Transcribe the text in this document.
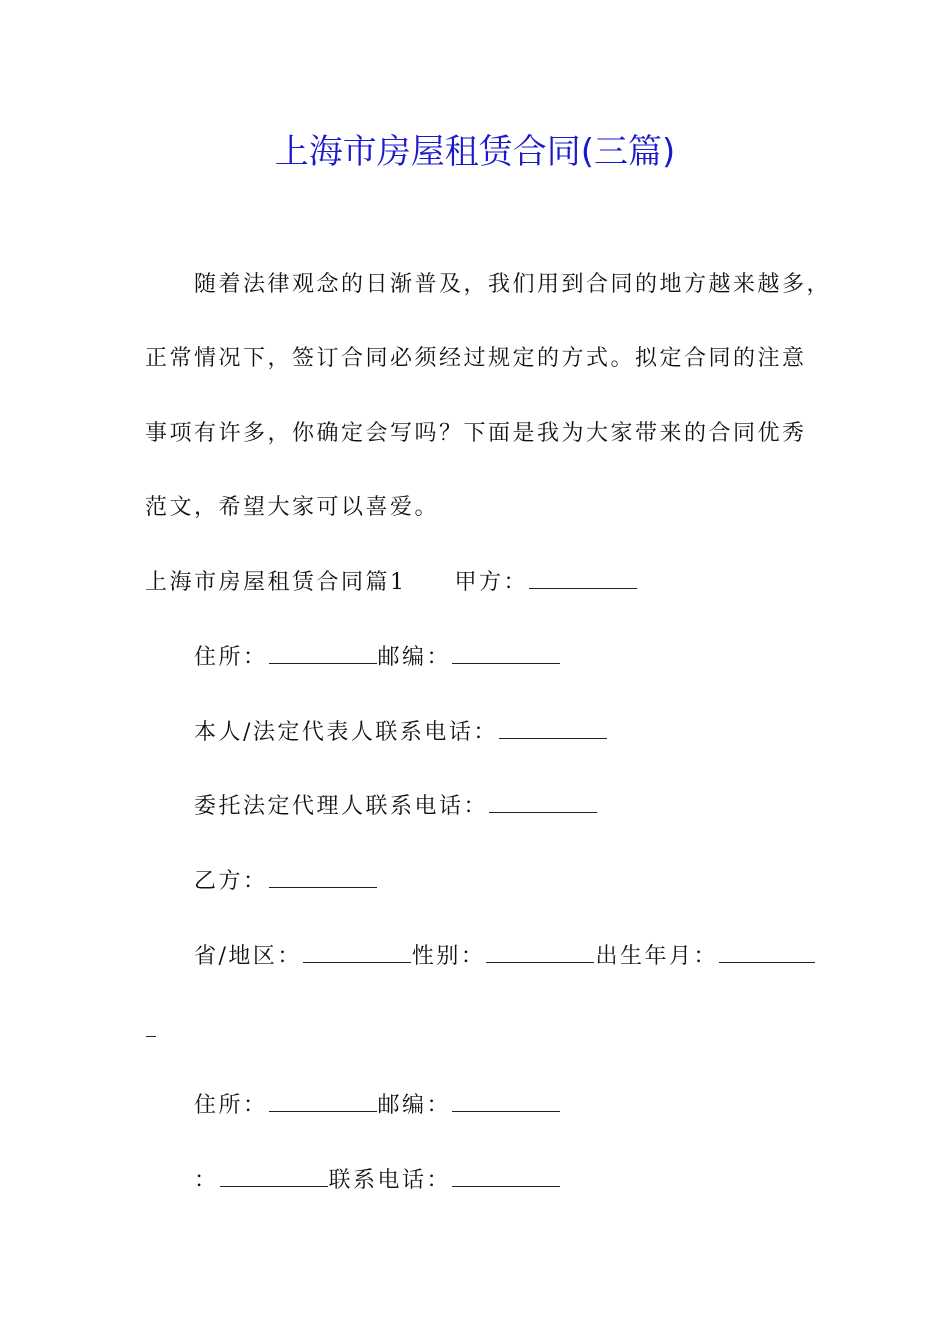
上海市房屋租赁合同(三篇)
随着法律观念的日渐普及，我们用到合同的地方越来越多，
正常情况下，签订合同必须经过规定的方式。拟定合同的注意
事项有许多，你确定会写吗？下面是我为大家带来的合同优秀
范文，希望大家可以喜爱。
上海市房屋租赁合同篇1 甲方：
住所：	邮编：
本人/法定代表人联系电话：
委托法定代理人联系电话：
乙方：
省/地区：	性别：	出生年月：
住所：	邮编：
：	联系电话：
